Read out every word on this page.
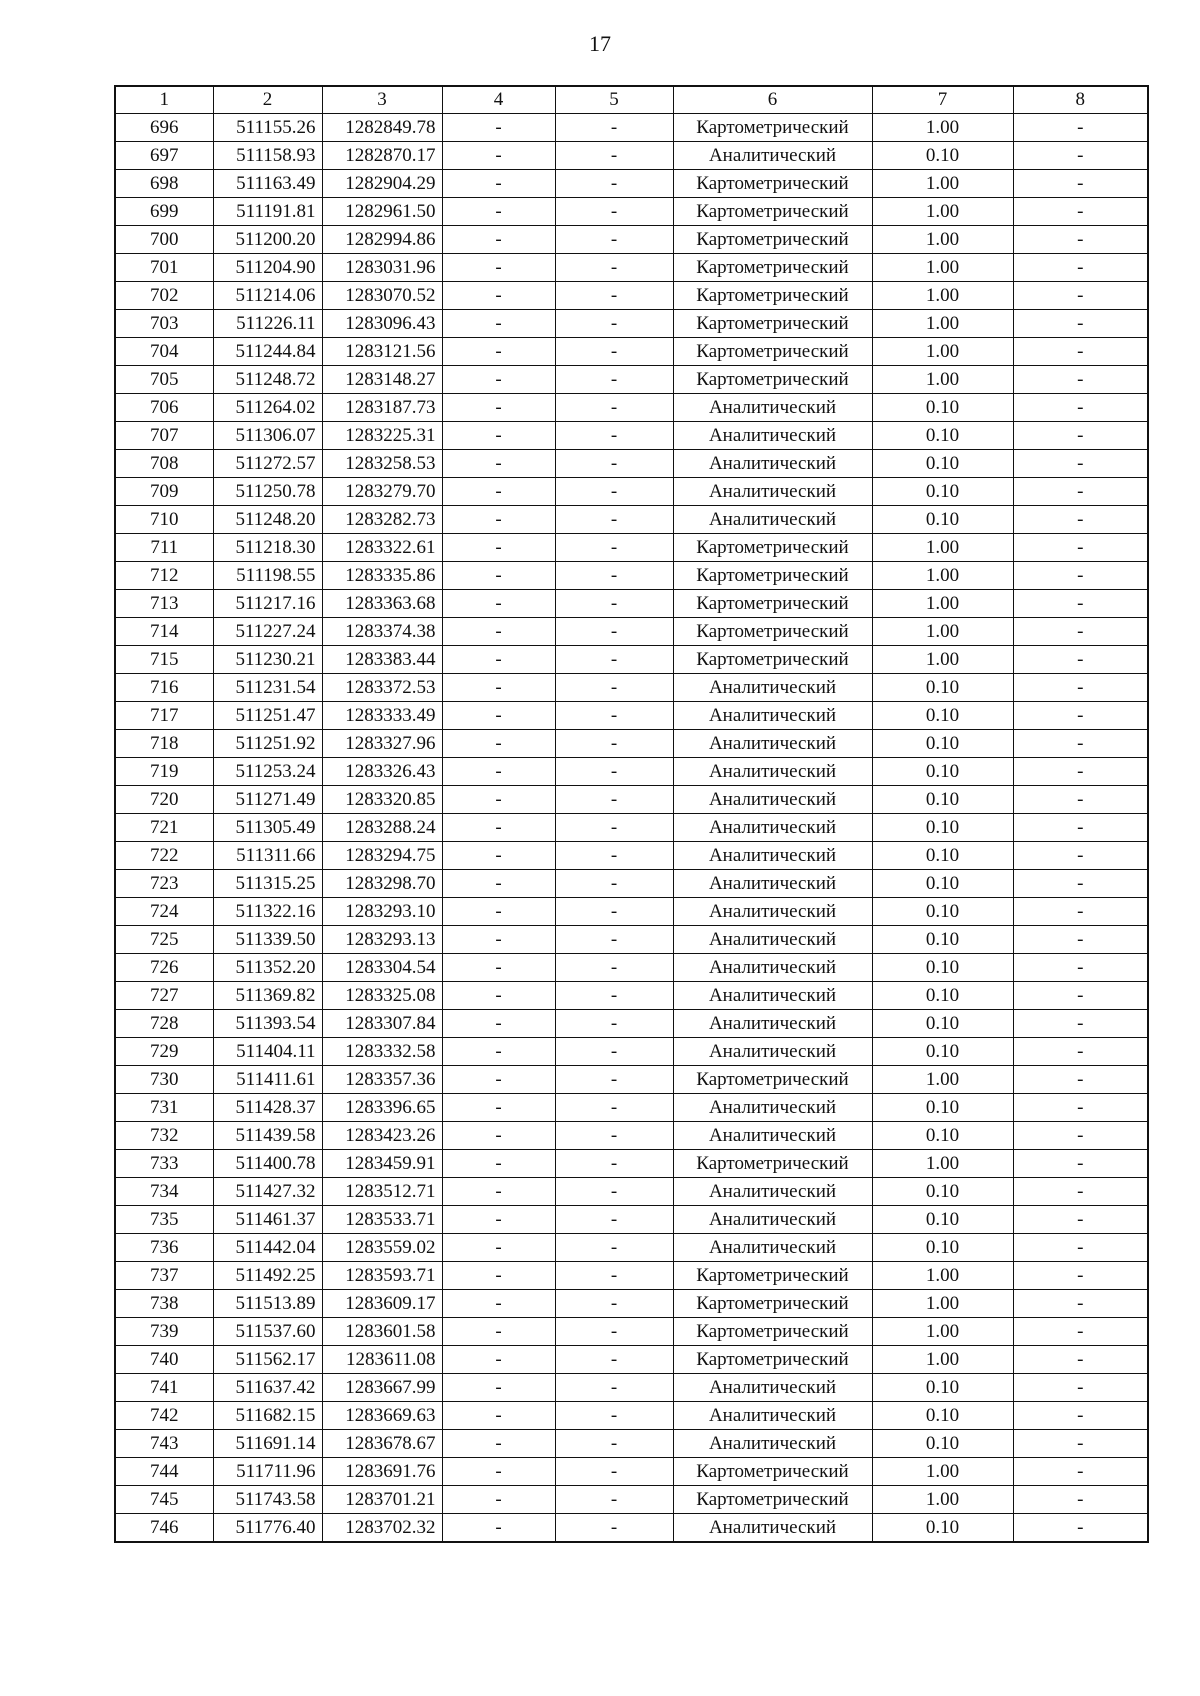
17
1	2	3	4	5	6	7	8
696	511155.26	1282849.78	-	-	Картометрический	1.00	-
697	511158.93	1282870.17	-	-	Аналитический	0.10	-
698	511163.49	1282904.29	-	-	Картометрический	1.00	-
699	511191.81	1282961.50	-	-	Картометрический	1.00	-
700	511200.20	1282994.86	-	-	Картометрический	1.00	-
701	511204.90	1283031.96	-	-	Картометрический	1.00	-
702	511214.06	1283070.52	-	-	Картометрический	1.00	-
703	511226.11	1283096.43	-	-	Картометрический	1.00	-
704	511244.84	1283121.56	-	-	Картометрический	1.00	-
705	511248.72	1283148.27	-	-	Картометрический	1.00	-
706	511264.02	1283187.73	-	-	Аналитический	0.10	-
707	511306.07	1283225.31	-	-	Аналитический	0.10	-
708	511272.57	1283258.53	-	-	Аналитический	0.10	-
709	511250.78	1283279.70	-	-	Аналитический	0.10	-
710	511248.20	1283282.73	-	-	Аналитический	0.10	-
711	511218.30	1283322.61	-	-	Картометрический	1.00	-
712	511198.55	1283335.86	-	-	Картометрический	1.00	-
713	511217.16	1283363.68	-	-	Картометрический	1.00	-
714	511227.24	1283374.38	-	-	Картометрический	1.00	-
715	511230.21	1283383.44	-	-	Картометрический	1.00	-
716	511231.54	1283372.53	-	-	Аналитический	0.10	-
717	511251.47	1283333.49	-	-	Аналитический	0.10	-
718	511251.92	1283327.96	-	-	Аналитический	0.10	-
719	511253.24	1283326.43	-	-	Аналитический	0.10	-
720	511271.49	1283320.85	-	-	Аналитический	0.10	-
721	511305.49	1283288.24	-	-	Аналитический	0.10	-
722	511311.66	1283294.75	-	-	Аналитический	0.10	-
723	511315.25	1283298.70	-	-	Аналитический	0.10	-
724	511322.16	1283293.10	-	-	Аналитический	0.10	-
725	511339.50	1283293.13	-	-	Аналитический	0.10	-
726	511352.20	1283304.54	-	-	Аналитический	0.10	-
727	511369.82	1283325.08	-	-	Аналитический	0.10	-
728	511393.54	1283307.84	-	-	Аналитический	0.10	-
729	511404.11	1283332.58	-	-	Аналитический	0.10	-
730	511411.61	1283357.36	-	-	Картометрический	1.00	-
731	511428.37	1283396.65	-	-	Аналитический	0.10	-
732	511439.58	1283423.26	-	-	Аналитический	0.10	-
733	511400.78	1283459.91	-	-	Картометрический	1.00	-
734	511427.32	1283512.71	-	-	Аналитический	0.10	-
735	511461.37	1283533.71	-	-	Аналитический	0.10	-
736	511442.04	1283559.02	-	-	Аналитический	0.10	-
737	511492.25	1283593.71	-	-	Картометрический	1.00	-
738	511513.89	1283609.17	-	-	Картометрический	1.00	-
739	511537.60	1283601.58	-	-	Картометрический	1.00	-
740	511562.17	1283611.08	-	-	Картометрический	1.00	-
741	511637.42	1283667.99	-	-	Аналитический	0.10	-
742	511682.15	1283669.63	-	-	Аналитический	0.10	-
743	511691.14	1283678.67	-	-	Аналитический	0.10	-
744	511711.96	1283691.76	-	-	Картометрический	1.00	-
745	511743.58	1283701.21	-	-	Картометрический	1.00	-
746	511776.40	1283702.32	-	-	Аналитический	0.10	-
